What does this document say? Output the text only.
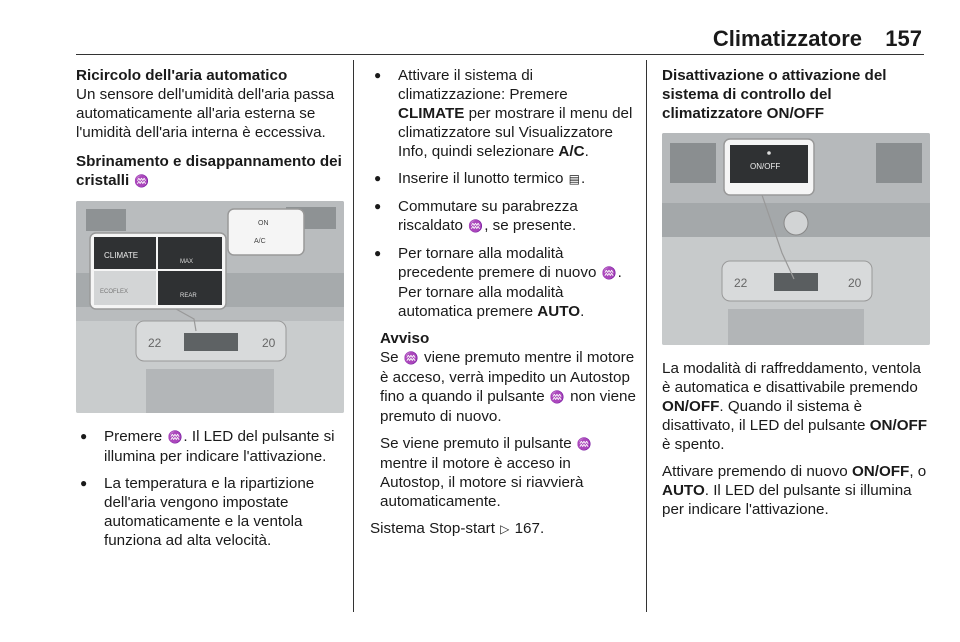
Climatizzatore 157
Ricircolo dell'aria automatico

Un sensore dell'umidità dell'aria passa automaticamente all'aria esterna se l'umidità dell'aria interna è eccessiva.

Sbrinamento e disappannamento dei cristalli ♒
22	20
CLIMATE
MAX
ECOFLEX
REAR
ON
A/C
● Premere ♒. Il LED del pulsante si illumina per indicare l'attivazione.
● La temperatura e la ripartizione dell'aria vengono impostate automaticamente e la ventola funziona ad alta velocità.
● Attivare il sistema di climatizzazione: Premere CLIMATE per mostrare il menu del climatizzatore sul Visualizzatore Info, quindi selezionare A/C.
● Inserire il lunotto termico ▤.
● Commutare su parabrezza riscaldato ♒, se presente.
● Per tornare alla modalità precedente premere di nuovo ♒. Per tornare alla modalità automatica premere AUTO.
Avviso

Se ♒ viene premuto mentre il motore è acceso, verrà impedito un Autostop fino a quando il pulsante ♒ non viene premuto di nuovo.

Se viene premuto il pulsante ♒ mentre il motore è acceso in Autostop, il motore si riavvierà automaticamente.

Sistema Stop-start ▷ 167.

Disattivazione o attivazione del sistema di controllo del climatizzatore ON/OFF
22	20
ON/OFF

La modalità di raffreddamento, ventola è automatica e disattivabile premendo ON/OFF. Quando il sistema è disattivato, il LED del pulsante ON/OFF è spento.

Attivare premendo di nuovo ON/OFF, o AUTO. Il LED del pulsante si illumina per indicare l'attivazione.
